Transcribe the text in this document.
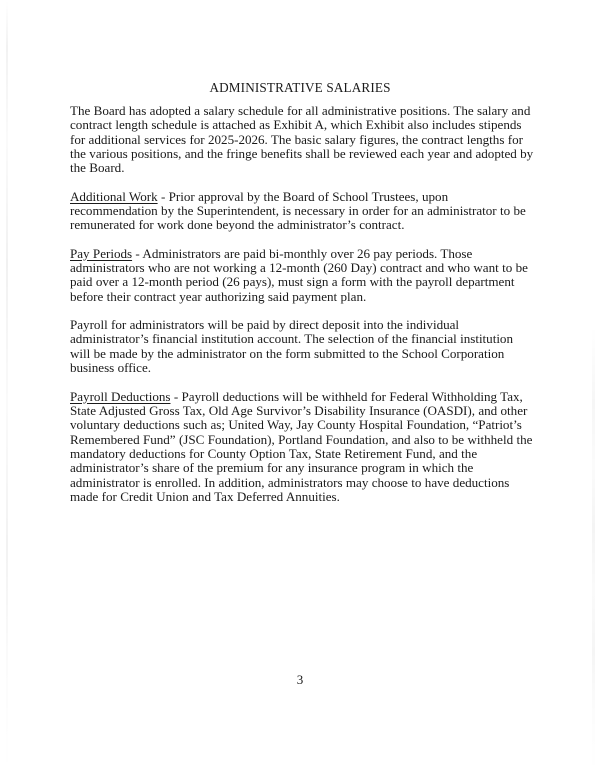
ADMINISTRATIVE SALARIES

The Board has adopted a salary schedule for all administrative positions. The salary and contract length schedule is attached as Exhibit A, which Exhibit also includes stipends for additional services for 2025-2026. The basic salary figures, the contract lengths for the various positions, and the fringe benefits shall be reviewed each year and adopted by the Board.

Additional Work - Prior approval by the Board of School Trustees, upon recommendation by the Superintendent, is necessary in order for an administrator to be remunerated for work done beyond the administrator’s contract.

Pay Periods - Administrators are paid bi-monthly over 26 pay periods. Those administrators who are not working a 12-month (260 Day) contract and who want to be paid over a 12-month period (26 pays), must sign a form with the payroll department before their contract year authorizing said payment plan.

Payroll for administrators will be paid by direct deposit into the individual administrator’s financial institution account. The selection of the financial institution will be made by the administrator on the form submitted to the School Corporation business office.

Payroll Deductions - Payroll deductions will be withheld for Federal Withholding Tax, State Adjusted Gross Tax, Old Age Survivor’s Disability Insurance (OASDI), and other voluntary deductions such as; United Way, Jay County Hospital Foundation, “Patriot’s Remembered Fund” (JSC Foundation), Portland Foundation, and also to be withheld the mandatory deductions for County Option Tax, State Retirement Fund, and the administrator’s share of the premium for any insurance program in which the administrator is enrolled. In addition, administrators may choose to have deductions made for Credit Union and Tax Deferred Annuities.

3
